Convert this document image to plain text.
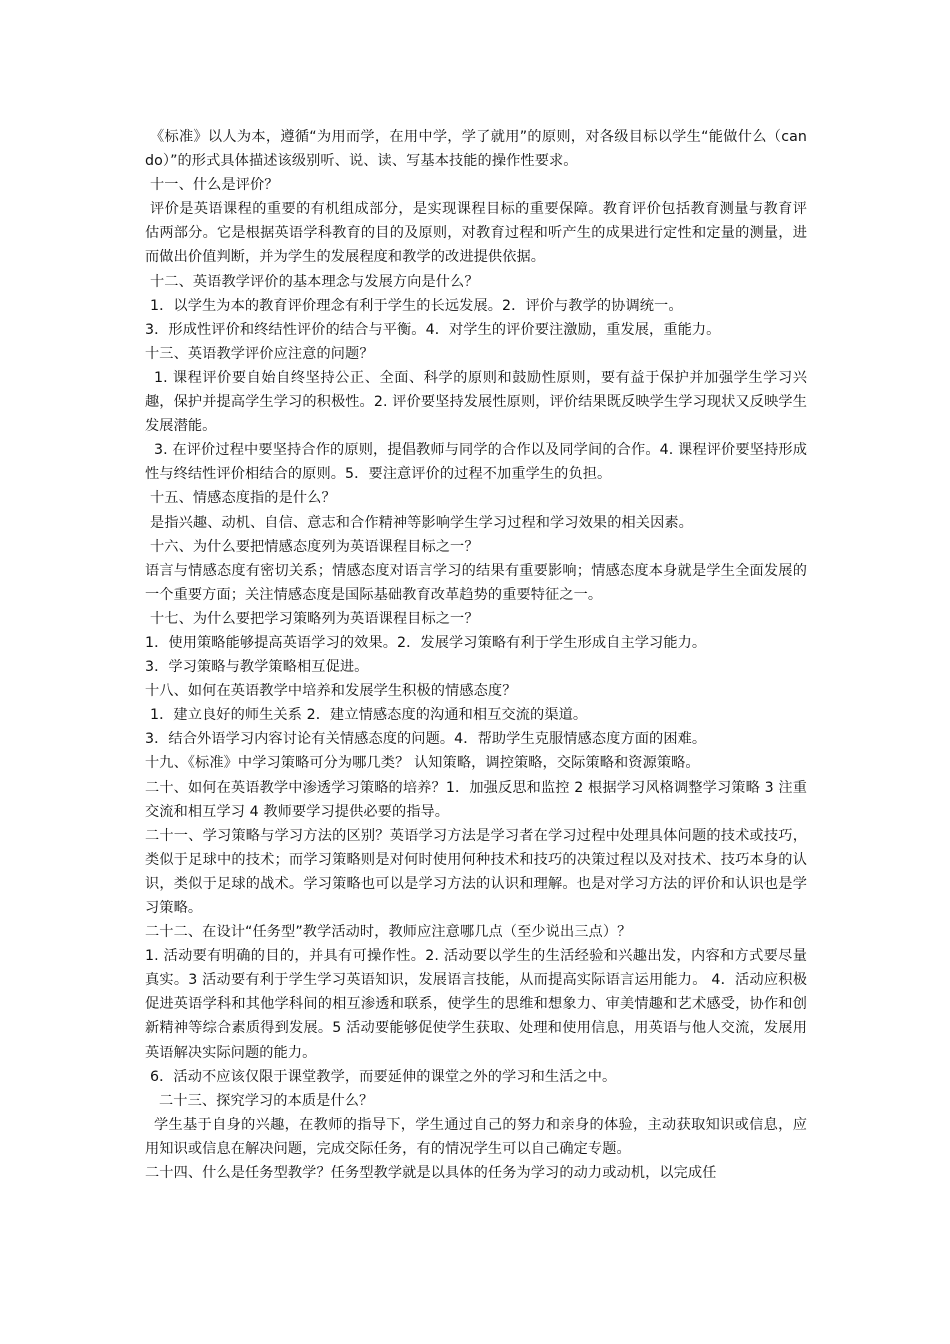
《标准》以人为本，遵循“为用而学，在用中学，学了就用”的原则，对各级目标以学生“能做什么（can do）”的形式具体描述该级别听、说、读、写基本技能的操作性要求。

十一、什么是评价？

评价是英语课程的重要的有机组成部分，是实现课程目标的重要保障。教育评价包括教育测量与教育评估两部分。它是根据英语学科教育的目的及原则，对教育过程和听产生的成果进行定性和定量的测量，进而做出价值判断，并为学生的发展程度和教学的改进提供依据。

十二、英语教学评价的基本理念与发展方向是什么？

1．以学生为本的教育评价理念有利于学生的长远发展。2．评价与教学的协调统一。

3．形成性评价和终结性评价的结合与平衡。4．对学生的评价要注激励，重发展，重能力。

十三、英语教学评价应注意的问题？

1. 课程评价要自始自终坚持公正、全面、科学的原则和鼓励性原则，要有益于保护并加强学生学习兴趣，保护并提高学生学习的积极性。2. 评价要坚持发展性原则，评价结果既反映学生学习现状又反映学生发展潜能。

3. 在评价过程中要坚持合作的原则，提倡教师与同学的合作以及同学间的合作。4. 课程评价要坚持形成性与终结性评价相结合的原则。5．要注意评价的过程不加重学生的负担。

十五、情感态度指的是什么？

是指兴趣、动机、自信、意志和合作精神等影响学生学习过程和学习效果的相关因素。

十六、为什么要把情感态度列为英语课程目标之一？

语言与情感态度有密切关系；情感态度对语言学习的结果有重要影响；情感态度本身就是学生全面发展的一个重要方面；关注情感态度是国际基础教育改革趋势的重要特征之一。

十七、为什么要把学习策略列为英语课程目标之一？

1．使用策略能够提高英语学习的效果。2．发展学习策略有利于学生形成自主学习能力。

3．学习策略与教学策略相互促进。

十八、如何在英语教学中培养和发展学生积极的情感态度？

1．建立良好的师生关系 2．建立情感态度的沟通和相互交流的渠道。

3．结合外语学习内容讨论有关情感态度的问题。4．帮助学生克服情感态度方面的困难。

十九、《标准》中学习策略可分为哪几类？ 认知策略，调控策略，交际策略和资源策略。

二十、如何在英语教学中渗透学习策略的培养？1．加强反思和监控 2 根据学习风格调整学习策略 3 注重交流和相互学习 4 教师要学习提供必要的指导。

二十一、学习策略与学习方法的区别？英语学习方法是学习者在学习过程中处理具体问题的技术或技巧，类似于足球中的技术；而学习策略则是对何时使用何种技术和技巧的决策过程以及对技术、技巧本身的认识，类似于足球的战术。学习策略也可以是学习方法的认识和理解。也是对学习方法的评价和认识也是学习策略。

二十二、在设计“任务型”教学活动时，教师应注意哪几点（至少说出三点）？

1. 活动要有明确的目的，并具有可操作性。2. 活动要以学生的生活经验和兴趣出发，内容和方式要尽量真实。3 活动要有利于学生学习英语知识，发展语言技能，从而提高实际语言运用能力。 4．活动应积极促进英语学科和其他学科间的相互渗透和联系，使学生的思维和想象力、审美情趣和艺术感受，协作和创新精神等综合素质得到发展。5 活动要能够促使学生获取、处理和使用信息，用英语与他人交流，发展用英语解决实际问题的能力。

6．活动不应该仅限于课堂教学，而要延伸的课堂之外的学习和生活之中。

二十三、探究学习的本质是什么？

学生基于自身的兴趣，在教师的指导下，学生通过自己的努力和亲身的体验，主动获取知识或信息，应用知识或信息在解决问题，完成交际任务，有的情况学生可以自己确定专题。

二十四、什么是任务型教学？任务型教学就是以具体的任务为学习的动力或动机，以完成任
